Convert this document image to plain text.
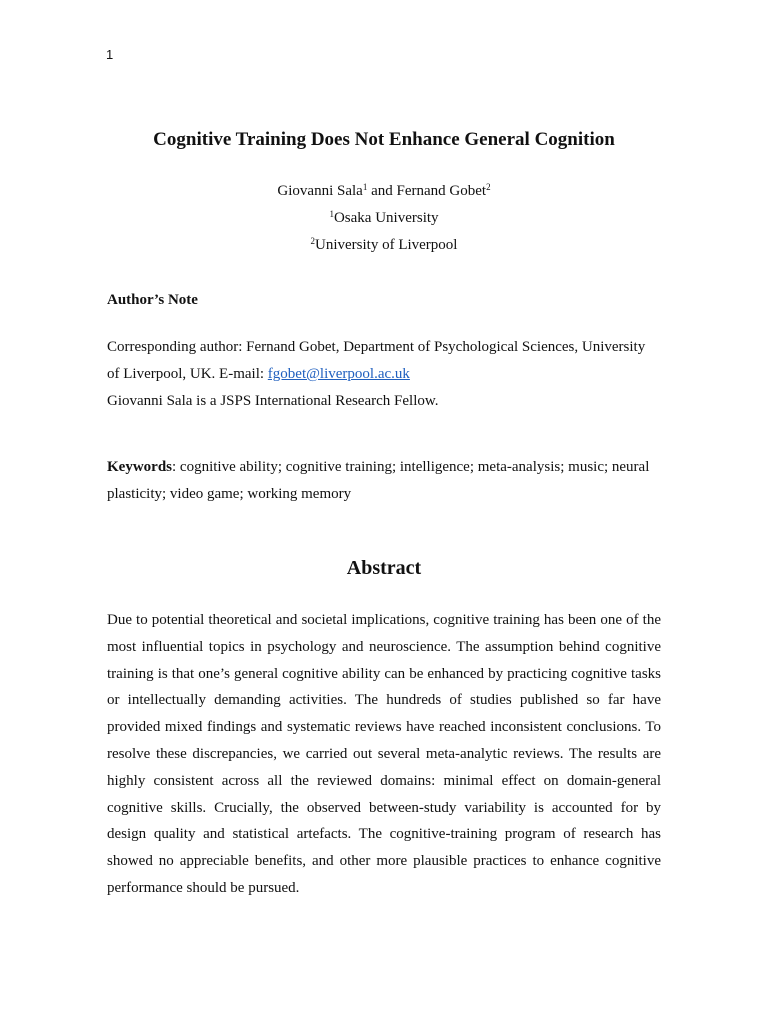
1
Cognitive Training Does Not Enhance General Cognition
Giovanni Sala$^1$ and Fernand Gobet$^2$
$^1$Osaka University
$^2$University of Liverpool
Author’s Note
Corresponding author: Fernand Gobet, Department of Psychological Sciences, University
of Liverpool, UK. E-mail: fgobet@liverpool.ac.uk
Giovanni Sala is a JSPS International Research Fellow.
Keywords: cognitive ability; cognitive training; intelligence; meta-analysis; music; neural
plasticity; video game; working memory
Abstract
Due to potential theoretical and societal implications, cognitive training has been one of the
most influential topics in psychology and neuroscience. The assumption behind cognitive
training is that one’s general cognitive ability can be enhanced by practicing cognitive tasks
or intellectually demanding activities. The hundreds of studies published so far have
provided mixed findings and systematic reviews have reached inconsistent conclusions. To
resolve these discrepancies, we carried out several meta-analytic reviews. The results are
highly consistent across all the reviewed domains: minimal effect on domain-general
cognitive skills. Crucially, the observed between-study variability is accounted for by
design quality and statistical artefacts. The cognitive-training program of research has
showed no appreciable benefits, and other more plausible practices to enhance cognitive
performance should be pursued.
